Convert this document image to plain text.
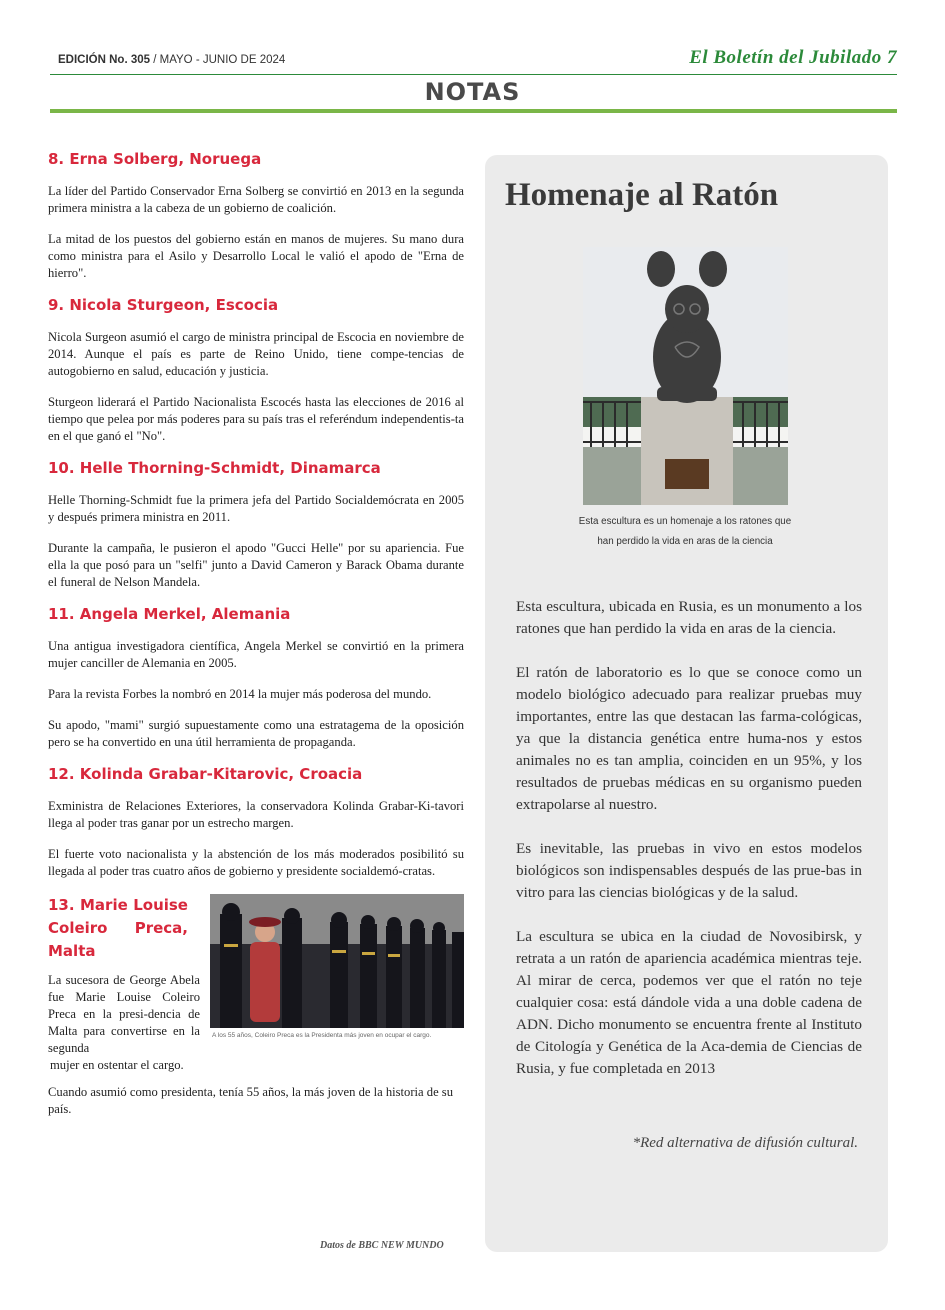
EDICIÓN No. 305 / MAYO - JUNIO DE 2024	El Boletín del Jubilado 7
NOTAS
8. Erna Solberg, Noruega

La líder del Partido Conservador Erna Solberg se convirtió en 2013 en la segunda primera ministra a la cabeza de un gobierno de coalición.

La mitad de los puestos del gobierno están en manos de mujeres. Su mano dura como ministra para el Asilo y Desarrollo Local le valió el apodo de "Erna de hierro".

9. Nicola Sturgeon, Escocia

Nicola Surgeon asumió el cargo de ministra principal de Escocia en noviembre de 2014. Aunque el país es parte de Reino Unido, tiene compe-tencias de autogobierno en salud, educación y justicia.

Sturgeon liderará el Partido Nacionalista Escocés hasta las elecciones de 2016 al tiempo que pelea por más poderes para su país tras el referéndum independentis-ta en el que ganó el "No".

10. Helle Thorning-Schmidt, Dinamarca

Helle Thorning-Schmidt fue la primera jefa del Partido Socialdemócrata en 2005 y después primera ministra en 2011.

Durante la campaña, le pusieron el apodo "Gucci Helle" por su apariencia. Fue ella la que posó para un "selfi" junto a David Cameron y Barack Obama durante el funeral de Nelson Mandela.

11. Angela Merkel, Alemania

Una antigua investigadora científica, Angela Merkel se convirtió en la primera mujer canciller de Alemania en 2005.

Para la revista Forbes la nombró en 2014 la mujer más poderosa del mundo.

Su apodo, "mami" surgió supuestamente como una estratagema de la oposición pero se ha convertido en una útil herramienta de propaganda.

12. Kolinda Grabar-Kitarovic, Croacia

Exministra de Relaciones Exteriores, la conservadora Kolinda Grabar-Ki-tavori llega al poder tras ganar por un estrecho margen.

El fuerte voto nacionalista y la abstención de los más moderados posibilitó su llegada al poder tras cuatro años de gobierno y presidente socialdemó-cratas.

13. Marie Louise Coleiro Preca, Malta
La sucesora de George Abela fue Marie Louise Coleiro Preca en la presi-dencia de Malta para convertirse en la segunda
mujer en ostentar el cargo.
A los 55 años, Coleiro Preca es la Presidenta más joven en ocupar el cargo.

Cuando asumió como presidenta, tenía 55 años, la más joven de la historia de su país.

Datos de BBC NEW MUNDO
Homenaje al Ratón
Esta escultura es un homenaje a los ratones que
han perdido la vida en aras de la ciencia

Esta escultura, ubicada en Rusia, es un monumento a los ratones que han perdido la vida en aras de la ciencia.

El ratón de laboratorio es lo que se conoce como un modelo biológico adecuado para realizar pruebas muy importantes, entre las que destacan las farma-cológicas, ya que la distancia genética entre huma-nos y estos animales no es tan amplia, coinciden en un 95%, y los resultados de pruebas médicas en su organismo pueden extrapolarse al nuestro.

Es inevitable, las pruebas in vivo en estos modelos biológicos son indispensables después de las prue-bas in vitro para las ciencias biológicas y de la salud.

La escultura se ubica en la ciudad de Novosibirsk, y retrata a un ratón de apariencia académica mientras teje. Al mirar de cerca, podemos ver que el ratón no teje cualquier cosa: está dándole vida a una doble cadena de ADN. Dicho monumento se encuentra frente al Instituto de Citología y Genética de la Aca-demia de Ciencias de Rusia, y fue completada en 2013

*Red alternativa de difusión cultural.
